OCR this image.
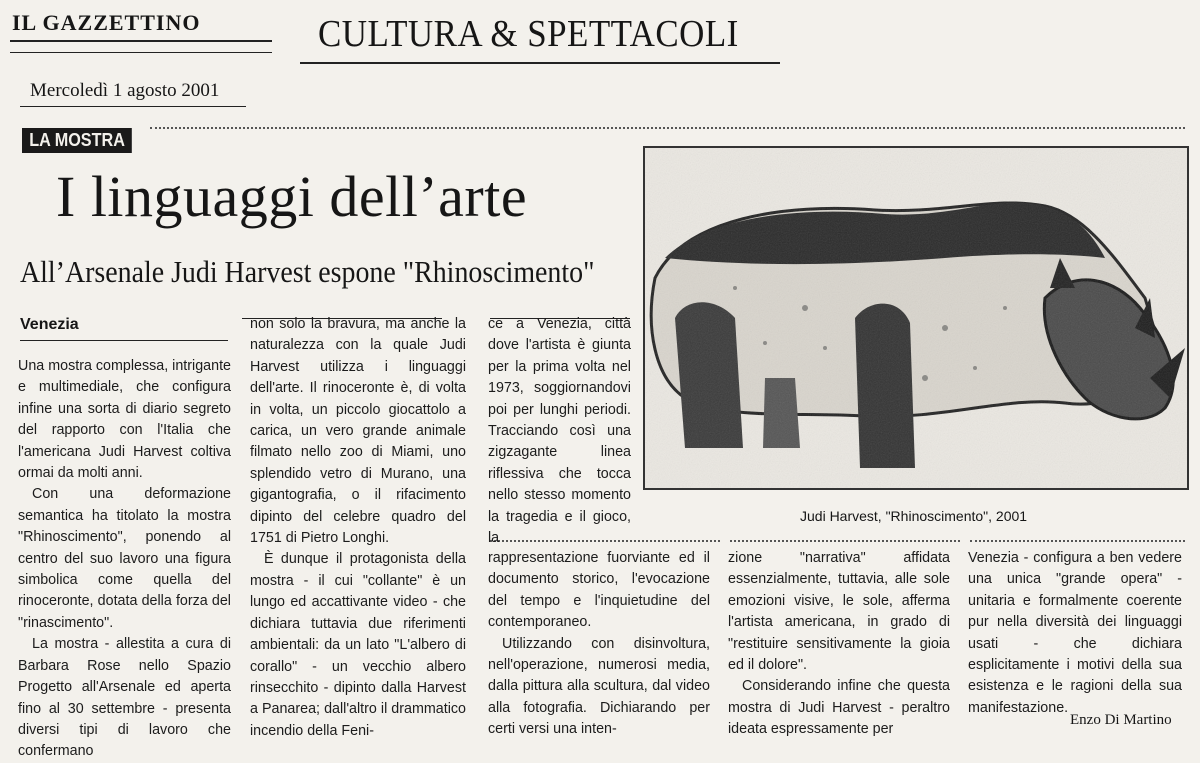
IL GAZZETTINO	CULTURA & SPETTACOLI
Mercoledì 1 agosto 2001
LA MOSTRA
I linguaggi dell’arte
All’Arsenale Judi Harvest espone "Rhinoscimento"
Venezia
Judi Harvest, "Rhinoscimento", 2001

Una mostra complessa, intrigante e multimediale, che configura infine una sorta di diario segreto del rapporto con l'Italia che l'americana Judi Harvest coltiva ormai da molti anni.

Con una deformazione semantica ha titolato la mostra "Rhinoscimento", ponendo al centro del suo lavoro una figura simbolica come quella del rinoceronte, dotata della forza del "rinascimento".

La mostra - allestita a cura di Barbara Rose nello Spazio Progetto all'Arsenale ed aperta fino al 30 settembre - presenta diversi tipi di lavoro che confermano

non solo la bravura, ma anche la naturalezza con la quale Judi Harvest utilizza i linguaggi dell'arte. Il rinoceronte è, di volta in volta, un piccolo giocattolo a carica, un vero grande animale filmato nello zoo di Miami, uno splendido vetro di Murano, una gigantografia, o il rifacimento dipinto del celebre quadro del 1751 di Pietro Longhi.

È dunque il protagonista della mostra - il cui "collante" è un lungo ed accattivante video - che dichiara tuttavia due riferimenti ambientali: da un lato "L'albero di corallo" - un vecchio albero rinsecchito - dipinto dalla Harvest a Panarea; dall'altro il drammatico incendio della Feni-

ce a Venezia, città dove l'artista è giunta per la prima volta nel 1973, soggiornandovi poi per lunghi periodi. Tracciando così una zigzagante linea riflessiva che tocca nello stesso momento la tragedia e il gioco, la

rappresentazione fuorviante ed il documento storico, l'evocazione del tempo e l'inquietudine del contemporaneo.

Utilizzando con disinvoltura, nell'operazione, numerosi media, dalla pittura alla scultura, dal video alla fotografia. Dichiarando per certi versi una inten-

zione "narrativa" affidata essenzialmente, tuttavia, alle sole emozioni visive, le sole, afferma l'artista americana, in grado di "restituire sensitivamente la gioia ed il dolore".

Considerando infine che questa mostra di Judi Harvest - peraltro ideata espressamente per

Venezia - configura a ben vedere una unica "grande opera" - unitaria e formalmente coerente pur nella diversità dei linguaggi usati - che dichiara esplicitamente i motivi della sua esistenza e le ragioni della sua manifestazione.

Enzo Di Martino
